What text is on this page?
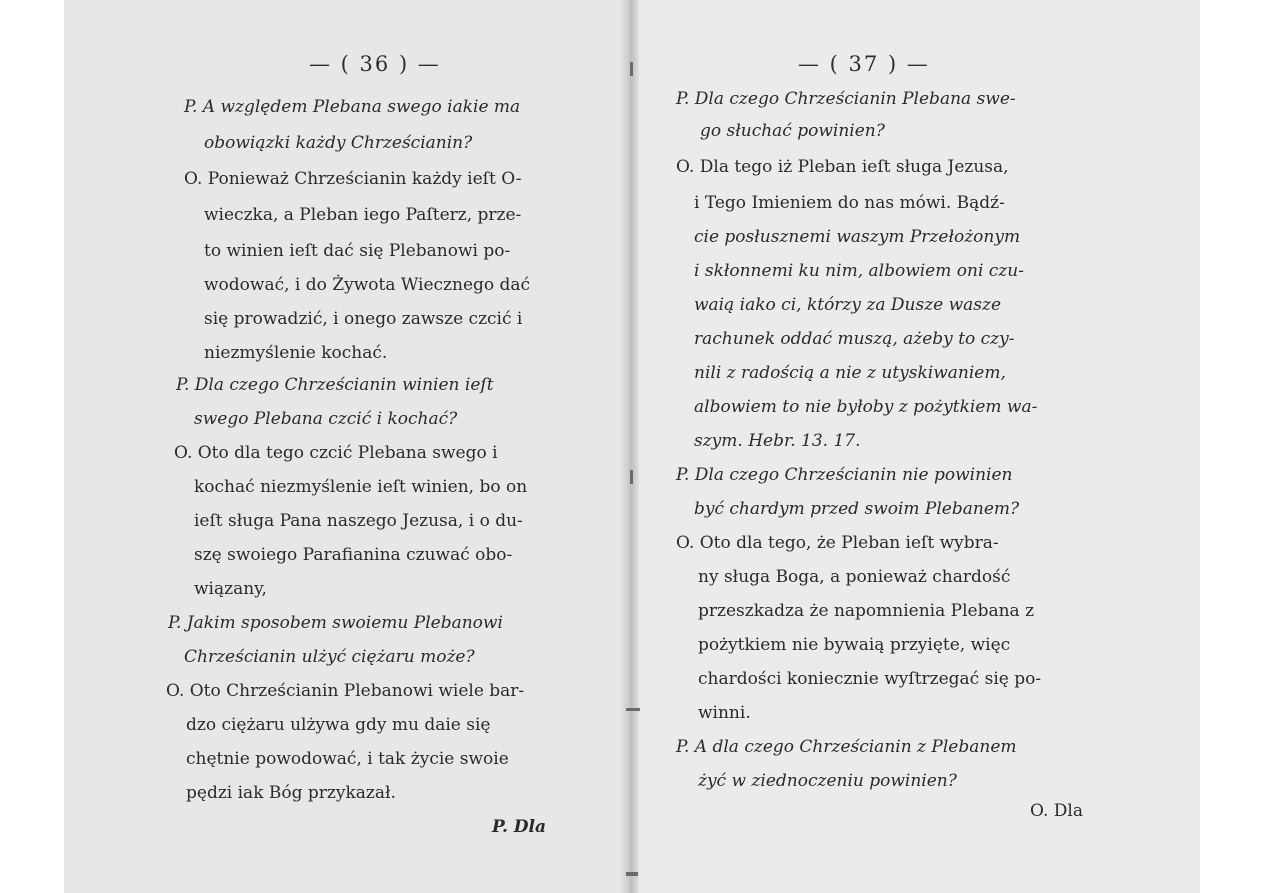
— ( 36 ) —
P. A względem Plebana swego iakie ma
obowiązki każdy Chrześcianin?
O. Ponieważ Chrześcianin każdy ieſt O-
wieczka, a Pleban iego Paſterz, prze-
to winien ieſt dać się Plebanowi po-
wodować, i do Żywota Wiecznego dać
się prowadzić, i onego zawsze czcić i
niezmyślenie kochać.
P. Dla czego Chrześcianin winien ieſt
swego Plebana czcić i kochać?
O. Oto dla tego czcić Plebana swego i
kochać niezmyślenie ieſt winien, bo on
ieſt sługa Pana naszego Jezusa, i o du-
szę swoiego Parafianina czuwać obo-
wiązany,
P. Jakim sposobem swoiemu Plebanowi
Chrześcianin ulżyć ciężaru może?
O. Oto Chrześcianin Plebanowi wiele bar-
dzo ciężaru ulżywa gdy mu daie się
chętnie powodować, i tak życie swoie
pędzi iak Bóg przykazał.
P. Dla
— ( 37 ) —
P. Dla czego Chrześcianin Plebana swe-
go słuchać powinien?
O. Dla tego iż Pleban ieſt sługa Jezusa,
i Tego Imieniem do nas mówi. Bądź-
cie posłusznemi waszym Przełożonym
i skłonnemi ku nim, albowiem oni czu-
waią iako ci, którzy za Dusze wasze
rachunek oddać muszą, ażeby to czy-
nili z radością a nie z utyskiwaniem,
albowiem to nie byłoby z pożytkiem wa-
szym. Hebr. 13. 17.
P. Dla czego Chrześcianin nie powinien
być chardym przed swoim Plebanem?
O. Oto dla tego, że Pleban ieſt wybra-
ny sługa Boga, a ponieważ chardość
przeszkadza że napomnienia Plebana z
pożytkiem nie bywaią przyięte, więc
chardości koniecznie wyſtrzegać się po-
winni.
P. A dla czego Chrześcianin z Plebanem
żyć w ziednoczeniu powinien?
O. Dla
